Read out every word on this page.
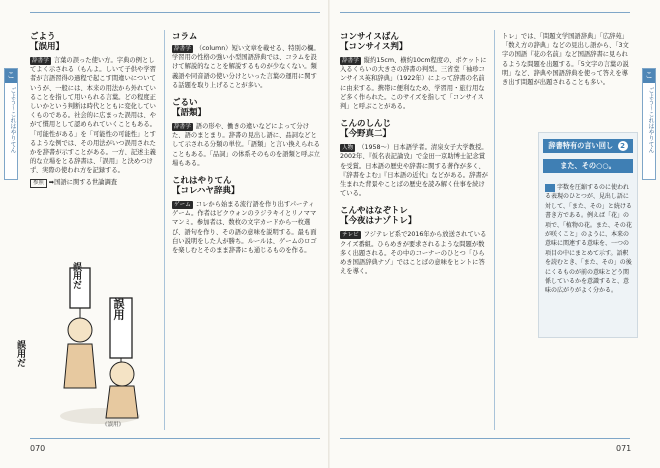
こ
ごよう〜これはやりてん
ごよう
【誤用】

辞書学 言葉の誤った使い方。字典の例としてよく示される（もんよ。しいて子供や学習者が言語習得の過程で起こす間違いについていうが、一般には、本来の用法から外れていることを指して用いられる言葉。どの程度正しいかという判断は時代とともに変化していくものである。社会的に広まった誤用は、やがて慣用として認められていくこともある。「可能性がある」を「可能性の可能性」とするような例では、その用法がいつ誤用されたかを辞書が示すことがある。一方、記述主義的な立場をとる辞書は、「誤用」と決めつけず、実際の使われ方を記録する。

参照 ➡国語に関する世論調査

誤用だ
誤用
誤用だ
《誤用》
コラム

辞書学 （column）短い文章を載せる、特別の欄。学習用の性格の強い小型国語辞典では、コラムを設けて解説的なことを解説するものが少なくない。類義語や同音語の使い分けといった言葉の運用に関する話題を取り上げることが多い。

ごるい
【語類】

辞書学 語の形や、働きの違いなどによって分けた、語のまとまり。辞書の見出し語に、品詞などとして示される分類の単位。「語類」と言い換えられることもある。「品詞」の体系そのものを語類と呼ぶ立場もある。

これはやりてん
【コレハヤ辞典】

ゲーム コレから始まる流行語を作り出すパーティゲーム。作者はピクウォンのラジラキイとリノマママンミ。参加者は、数枚の文字カードから一枚選び、語句を作り、その語の意味を説明する。最も面白い説明をした人が勝ち。ルールは、ゲームのロゴを楽しむとそのまま辞書にも通じるものを作る。

070
こ
ごよう〜これはやりてん
コンサイスばん
【コンサイス判】

辞書学 縦約15cm、横約10cm程度の、ポケットに入るくらいの大きさの辞書の判型。三省堂「袖珍コンサイス英和辞典」（1922年）によって辞書の名前に由来する。携帯に便利なため、学習用・旅行用など多く作られた。このサイズを指して「コンサイス判」と呼ぶことがある。

こんのしんじ
【今野真二】

人物 （1958〜）日本語学者。清泉女子大学教授。2002年、『仮名表記論攷』で金田一京助博士記念賞を受賞。日本語の歴史や辞書に関する著作が多く、『辞書をよむ』『日本語の近代』などがある。辞書が生まれた背景やことばの歴史を読み解く仕事を続けている。

こんやはなぞトレ
【今夜はナゾトレ】

テレビ フジテレビ系で2016年から放送されているクイズ番組。ひらめきが要求されるような問題が数多く出題される。その中のコーナーのひとつ「ひらめき国語辞典ナゾ」ではことばの意味をヒントに答えを導く。

トレ」では、「問題文学国語辞典」「広辞苑」「数え方の辞典」などの見出し語から、「3文字の国語『花の名前』など国語辞書に見られるような問題を出題する。「5文字の言葉の説明」など、辞典や国語辞典を使って答えを導き出す問題が出題されることも多い。

071
辞書特有の言い回し 2
また、その○○。
字数を圧縮するのに使われる表現のひとつが、見出し語に対して、「また、その」と続ける書き方である。例えば「花」の項で、「植物の花。また、その花が咲くこと」のように、本来の意味に関連する意味を、一つの項目の中にまとめて示す。語釈を読むとき、「また、その」の後にくるものが前の意味とどう関係しているかを意識すると、意味の広がりがよく分かる。
